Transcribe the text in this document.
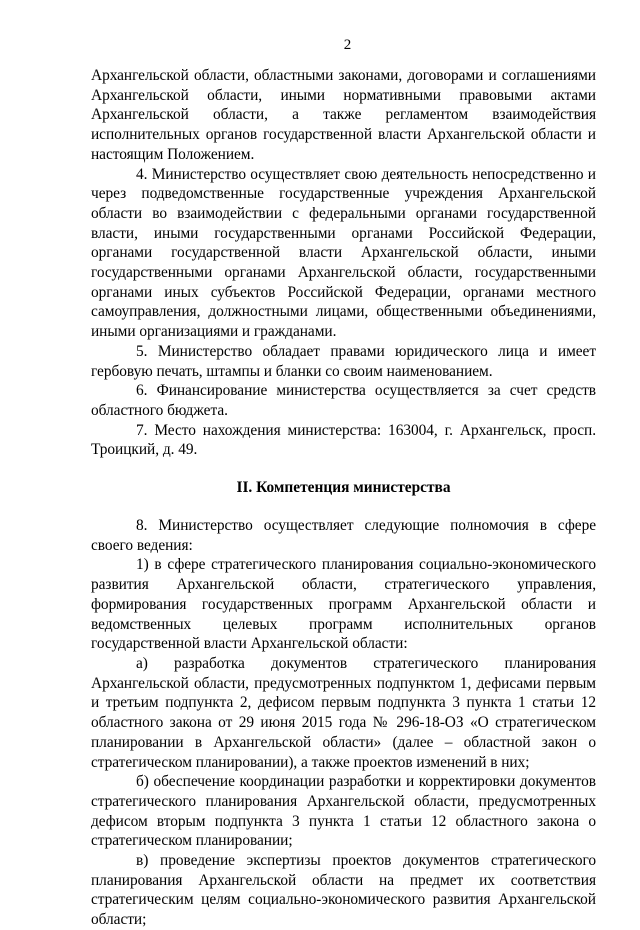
2

Архангельской области, областными законами, договорами и соглашениями Архангельской области, иными нормативными правовыми актами Архангельской области, а также регламентом взаимодействия исполнительных органов государственной власти Архангельской области и настоящим Положением.

4. Министерство осуществляет свою деятельность непосредственно и через подведомственные государственные учреждения Архангельской области во взаимодействии с федеральными органами государственной власти, иными государственными органами Российской Федерации, органами государственной власти Архангельской области, иными государственными органами Архангельской области, государственными органами иных субъектов Российской Федерации, органами местного самоуправления, должностными лицами, общественными объединениями, иными организациями и гражданами.

5. Министерство обладает правами юридического лица и имеет гербовую печать, штампы и бланки со своим наименованием.

6. Финансирование министерства осуществляется за счет средств областного бюджета.

7. Место нахождения министерства: 163004, г. Архангельск, просп. Троицкий, д. 49.

II. Компетенция министерства

8. Министерство осуществляет следующие полномочия в сфере своего ведения:

1) в сфере стратегического планирования социально-экономического развития Архангельской области, стратегического управления, формирования государственных программ Архангельской области и ведомственных целевых программ исполнительных органов государственной власти Архангельской области:

а) разработка документов стратегического планирования Архангельской области, предусмотренных подпунктом 1, дефисами первым и третьим подпункта 2, дефисом первым подпункта 3 пункта 1 статьи 12 областного закона от 29 июня 2015 года № 296-18-ОЗ «О стратегическом планировании в Архангельской области» (далее – областной закон о стратегическом планировании), а также проектов изменений в них;

б) обеспечение координации разработки и корректировки документов стратегического планирования Архангельской области, предусмотренных дефисом вторым подпункта 3 пункта 1 статьи 12 областного закона о стратегическом планировании;

в) проведение экспертизы проектов документов стратегического планирования Архангельской области на предмет их соответствия стратегическим целям социально-экономического развития Архангельской области;
